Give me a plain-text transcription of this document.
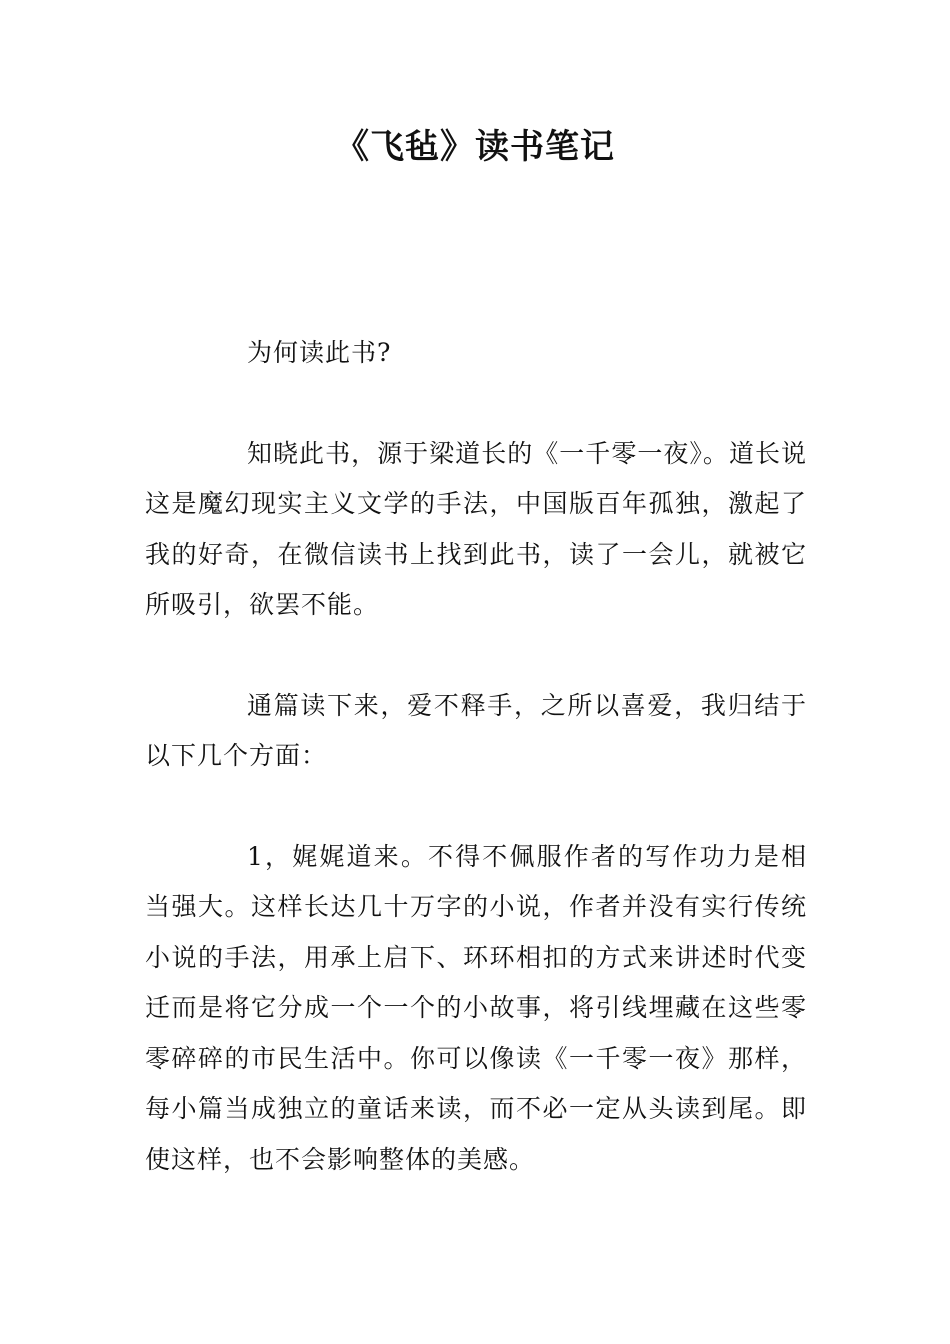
《飞毡》读书笔记

为何读此书?

知晓此书，源于梁道长的《一千零一夜》。道长说这是魔幻现实主义文学的手法，中国版百年孤独，激起了我的好奇，在微信读书上找到此书，读了一会儿，就被它所吸引，欲罢不能。

通篇读下来，爱不释手，之所以喜爱，我归结于以下几个方面：

1，娓娓道来。不得不佩服作者的写作功力是相当强大。这样长达几十万字的小说，作者并没有实行传统小说的手法，用承上启下、环环相扣的方式来讲述时代变迁而是将它分成一个一个的小故事，将引线埋藏在这些零零碎碎的市民生活中。你可以像读《一千零一夜》那样，每小篇当成独立的童话来读，而不必一定从头读到尾。即使这样，也不会影响整体的美感。
